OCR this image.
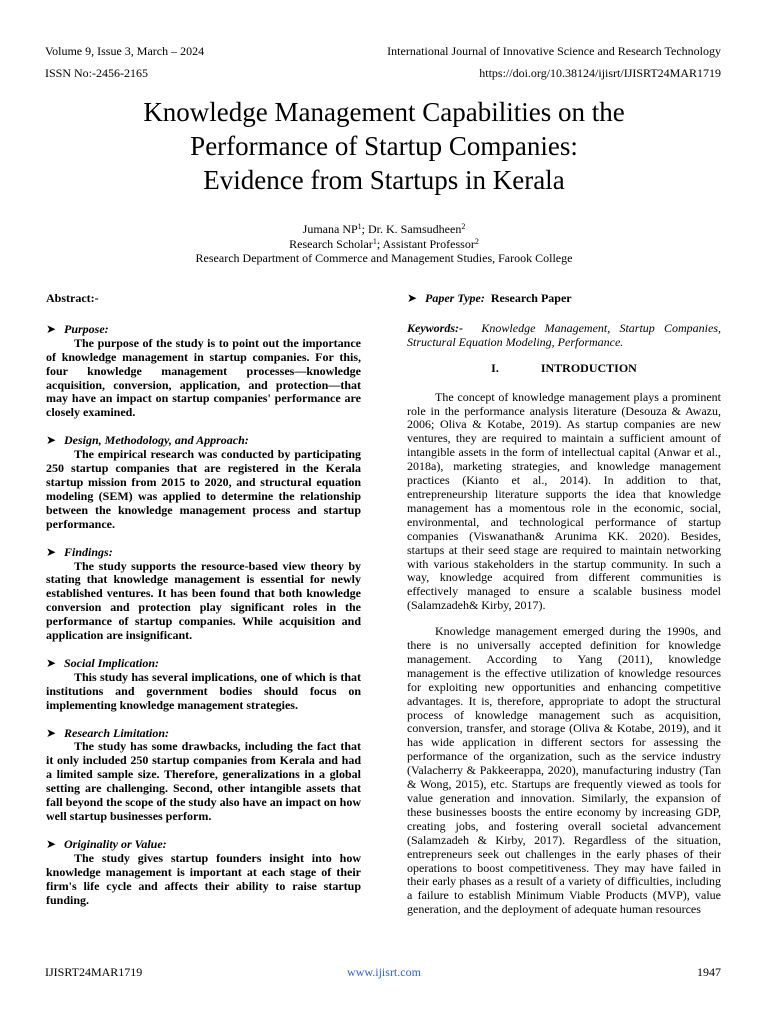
Volume 9, Issue 3, March – 2024	International Journal of Innovative Science and Research Technology
ISSN No:-2456-2165	https://doi.org/10.38124/ijisrt/IJISRT24MAR1719
Knowledge Management Capabilities on the
Performance of Startup Companies:
Evidence from Startups in Kerala
Jumana $NP^1$; Dr. K. Samsudheen$^2$
Research Scholar$^1$; Assistant Professor$^2$
Research Department of Commerce and Management Studies, Farook College

Abstract:-

➤ Purpose:

The purpose of the study is to point out the importance of knowledge management in startup companies. For this, four knowledge management processes—knowledge acquisition, conversion, application, and protection—that may have an impact on startup companies' performance are closely examined.

➤ Design, Methodology, and Approach:

The empirical research was conducted by participating 250 startup companies that are registered in the Kerala startup mission from 2015 to 2020, and structural equation modeling (SEM) was applied to determine the relationship between the knowledge management process and startup performance.

➤ Findings:

The study supports the resource-based view theory by stating that knowledge management is essential for newly established ventures. It has been found that both knowledge conversion and protection play significant roles in the performance of startup companies. While acquisition and application are insignificant.

➤ Social Implication:

This study has several implications, one of which is that institutions and government bodies should focus on implementing knowledge management strategies.

➤ Research Limitation:

The study has some drawbacks, including the fact that it only included 250 startup companies from Kerala and had a limited sample size. Therefore, generalizations in a global setting are challenging. Second, other intangible assets that fall beyond the scope of the study also have an impact on how well startup businesses perform.

➤ Originality or Value:

The study gives startup founders insight into how knowledge management is important at each stage of their firm's life cycle and affects their ability to raise startup funding.

➤ Paper Type: Research Paper

Keywords:- Knowledge Management, Startup Companies, Structural Equation Modeling, Performance.

I.	INTRODUCTION

The concept of knowledge management plays a prominent role in the performance analysis literature (Desouza & Awazu, 2006; Oliva & Kotabe, 2019). As startup companies are new ventures, they are required to maintain a sufficient amount of intangible assets in the form of intellectual capital (Anwar et al., 2018a), marketing strategies, and knowledge management practices (Kianto et al., 2014). In addition to that, entrepreneurship literature supports the idea that knowledge management has a momentous role in the economic, social, environmental, and technological performance of startup companies (Viswanathan& Arunima KK. 2020). Besides, startups at their seed stage are required to maintain networking with various stakeholders in the startup community. In such a way, knowledge acquired from different communities is effectively managed to ensure a scalable business model (Salamzadeh& Kirby, 2017).

Knowledge management emerged during the 1990s, and there is no universally accepted definition for knowledge management. According to Yang (2011), knowledge management is the effective utilization of knowledge resources for exploiting new opportunities and enhancing competitive advantages. It is, therefore, appropriate to adopt the structural process of knowledge management such as acquisition, conversion, transfer, and storage (Oliva & Kotabe, 2019), and it has wide application in different sectors for assessing the performance of the organization, such as the service industry (Valacherry & Pakkeerappa, 2020), manufacturing industry (Tan & Wong, 2015), etc. Startups are frequently viewed as tools for value generation and innovation. Similarly, the expansion of these businesses boosts the entire economy by increasing GDP, creating jobs, and fostering overall societal advancement (Salamzadeh & Kirby, 2017). Regardless of the situation, entrepreneurs seek out challenges in the early phases of their operations to boost competitiveness. They may have failed in their early phases as a result of a variety of difficulties, including a failure to establish Minimum Viable Products (MVP), value generation, and the deployment of adequate human resources

IJISRT24MAR1719	www.ijisrt.com	1947
